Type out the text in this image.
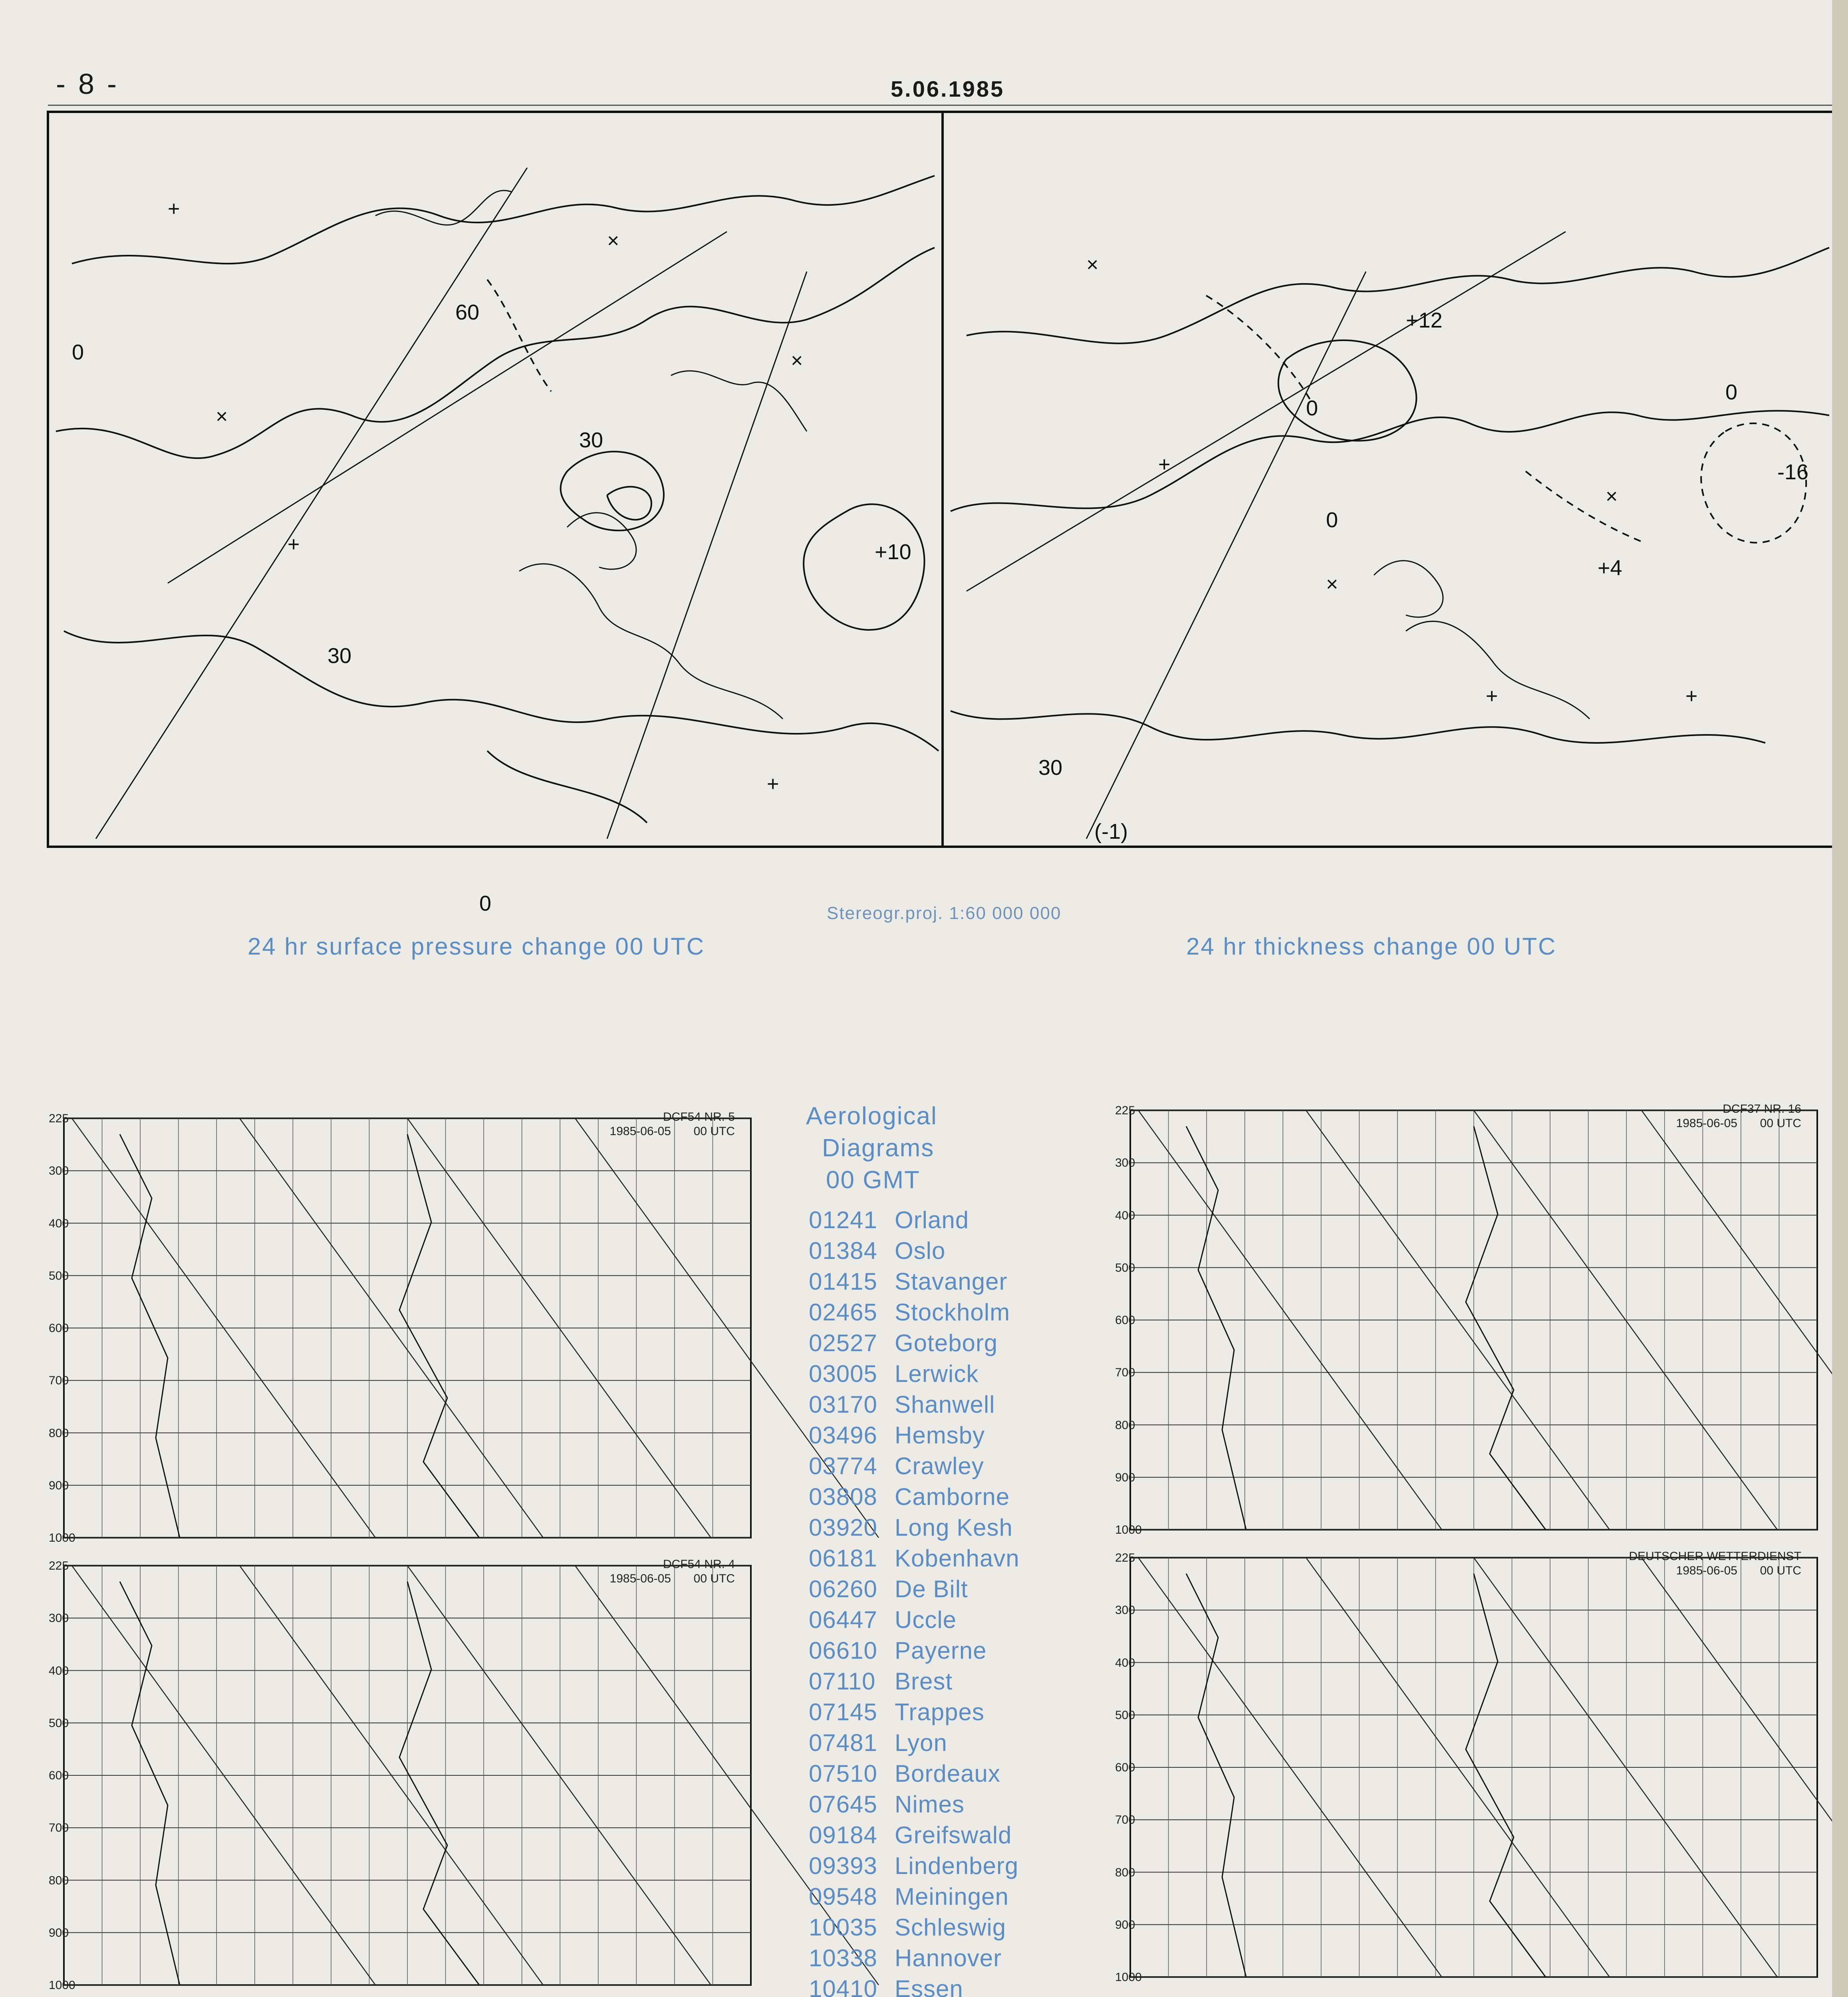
- 8 -	5.06.1985
0
30
+10
60
30
0
0
0
30
+12
-16
+4
(-1)
0
+
+
+
+
+	+
×
×
×
×
×
×
Stereogr.proj. 1:60 000 000
24 hr surface pressure change 00 UTC	24 hr thickness change 00 UTC
225
300
400
500
600
700
800
900
1000
DCF54 NR. 5
1985-06-05 00 UTC
225
300
400
500
600
700
800
900
1000
DCF37 NR. 16
1985-06-05 00 UTC
225
300
400
500
600
700
800
900
1000
DCF54 NR. 4
1985-06-05 00 UTC
225
300
400
500
600
700
800
900
1000
DEUTSCHER WETTERDIENST
1985-06-05 00 UTC
Aerological
Diagrams
00 GMT
01241 Orland
01384 Oslo
01415 Stavanger
02465 Stockholm
02527 Goteborg
03005 Lerwick
03170 Shanwell
03496 Hemsby
03774 Crawley
03808 Camborne
03920 Long Kesh
06181 Kobenhavn
06260 De Bilt
06447 Uccle
06610 Payerne
07110 Brest
07145 Trappes
07481 Lyon
07510 Bordeaux
07645 Nimes
09184 Greifswald
09393 Lindenberg
09548 Meiningen
10035 Schleswig
10338 Hannover
10410 Essen
